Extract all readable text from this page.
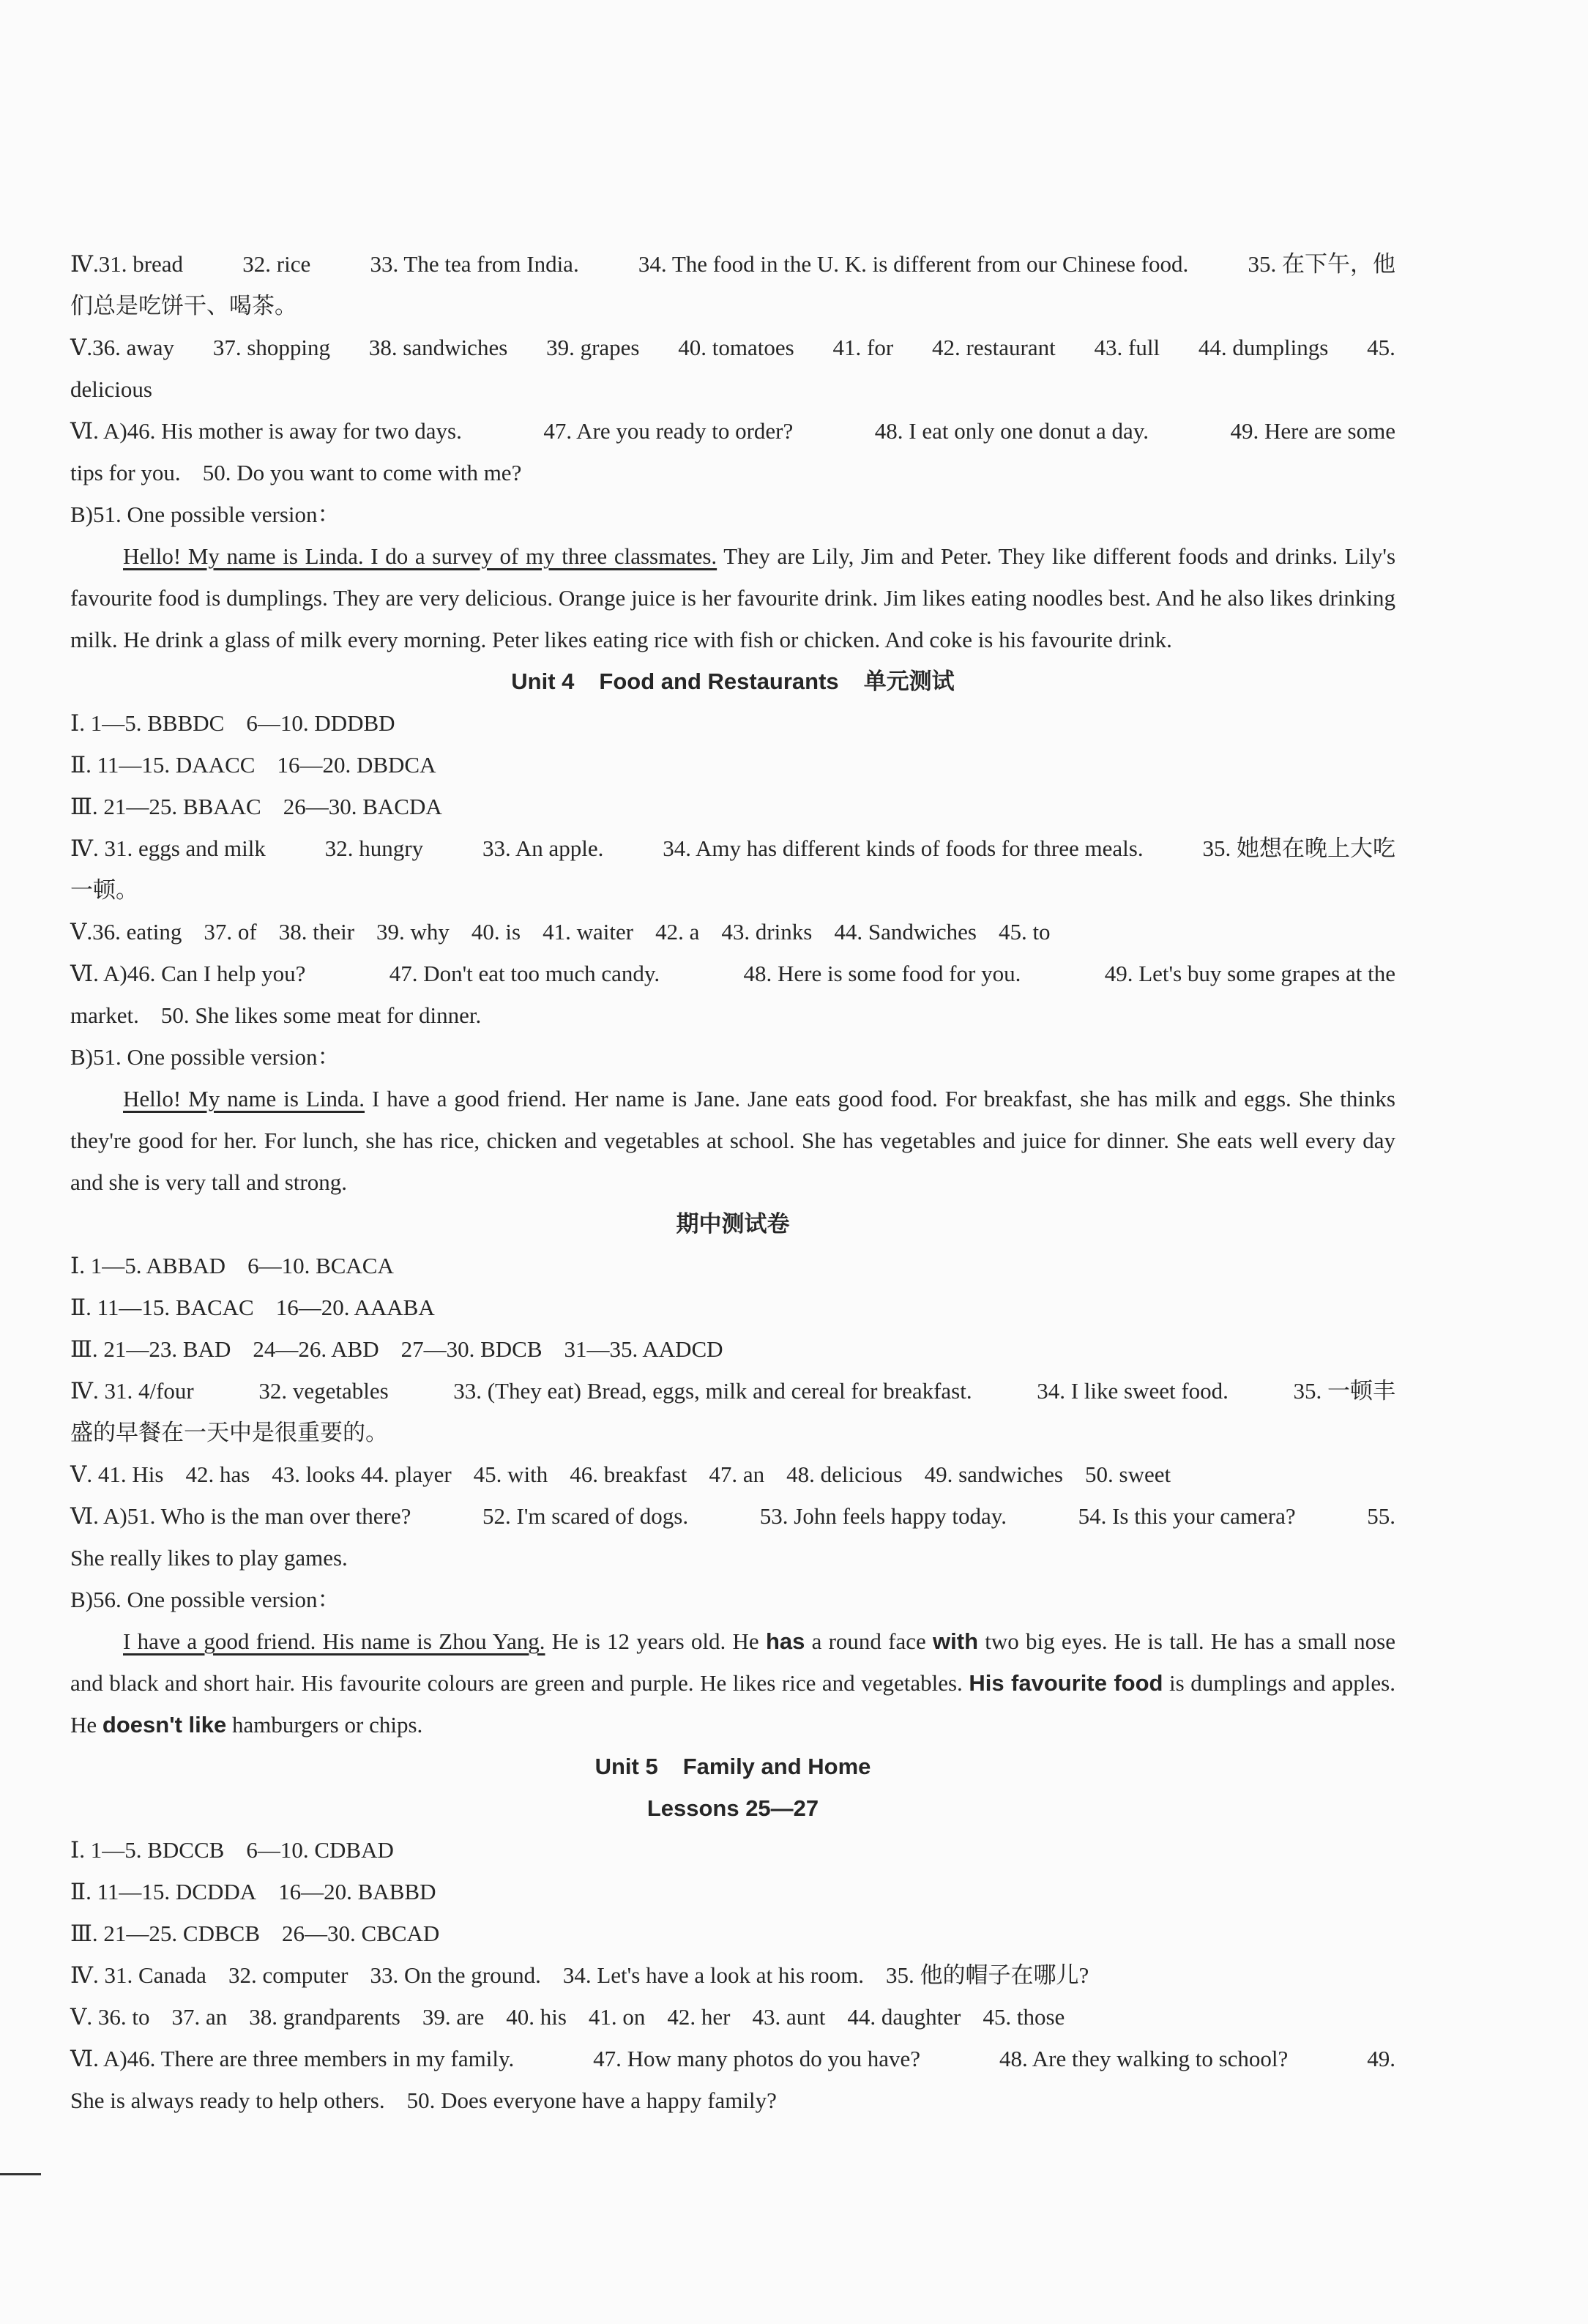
Ⅳ.31. bread	32. rice	33. The tea from India.	34. The food in the U. K. is different from our Chinese food.	35. 在下午，他
们总是吃饼干、喝茶。
Ⅴ.36. away 37. shopping 38. sandwiches 39. grapes 40. tomatoes 41. for 42. restaurant 43. full 44. dumplings 45.
delicious
Ⅵ. A)46. His mother is away for two days.	47. Are you ready to order?	48. I eat only one donut a day.	49. Here are some
tips for you. 50. Do you want to come with me?
B)51. One possible version：
Hello! My name is Linda. I do a survey of my three classmates. They are Lily, Jim and Peter. They like different foods and drinks. Lily's favourite food is dumplings. They are very delicious. Orange juice is her favourite drink. Jim likes eating noodles best. And he also likes drinking milk. He drink a glass of milk every morning. Peter likes eating rice with fish or chicken. And coke is his favourite drink.
Unit 4 Food and Restaurants 单元测试
Ⅰ. 1—5. BBBDC 6—10. DDDBD
Ⅱ. 11—15. DAACC 16—20. DBDCA
Ⅲ. 21—25. BBAAC 26—30. BACDA
Ⅳ. 31. eggs and milk	32. hungry	33. An apple.	34. Amy has different kinds of foods for three meals.	35. 她想在晚上大吃
一顿。
Ⅴ.36. eating 37. of 38. their 39. why 40. is 41. waiter 42. a 43. drinks 44. Sandwiches 45. to
Ⅵ. A)46. Can I help you?	47. Don't eat too much candy.	48. Here is some food for you.	49. Let's buy some grapes at the
market. 50. She likes some meat for dinner.
B)51. One possible version：
Hello! My name is Linda. I have a good friend. Her name is Jane. Jane eats good food. For breakfast, she has milk and eggs. She thinks they're good for her. For lunch, she has rice, chicken and vegetables at school. She has vegetables and juice for dinner. She eats well every day and she is very tall and strong.
期中测试卷
Ⅰ. 1—5. ABBAD 6—10. BCACA
Ⅱ. 11—15. BACAC 16—20. AAABA
Ⅲ. 21—23. BAD 24—26. ABD 27—30. BDCB 31—35. AADCD
Ⅳ. 31. 4/four	32. vegetables	33. (They eat) Bread, eggs, milk and cereal for breakfast.	34. I like sweet food.	35. 一顿丰
盛的早餐在一天中是很重要的。
Ⅴ. 41. His 42. has 43. looks 44. player 45. with 46. breakfast 47. an 48. delicious 49. sandwiches 50. sweet
Ⅵ. A)51. Who is the man over there?	52. I'm scared of dogs.	53. John feels happy today.	54. Is this your camera?	55.
She really likes to play games.
B)56. One possible version：
I have a good friend. His name is Zhou Yang. He is 12 years old. He has a round face with two big eyes. He is tall. He has a small nose and black and short hair. His favourite colours are green and purple. He likes rice and vegetables. His favourite food is dumplings and apples. He doesn't like hamburgers or chips.
Unit 5 Family and Home
Lessons 25—27
Ⅰ. 1—5. BDCCB 6—10. CDBAD
Ⅱ. 11—15. DCDDA 16—20. BABBD
Ⅲ. 21—25. CDBCB 26—30. CBCAD
Ⅳ. 31. Canada 32. computer 33. On the ground. 34. Let's have a look at his room. 35. 他的帽子在哪儿?
Ⅴ. 36. to 37. an 38. grandparents 39. are 40. his 41. on 42. her 43. aunt 44. daughter 45. those
Ⅵ. A)46. There are three members in my family.	47. How many photos do you have?	48. Are they walking to school?	49.
She is always ready to help others. 50. Does everyone have a happy family?
